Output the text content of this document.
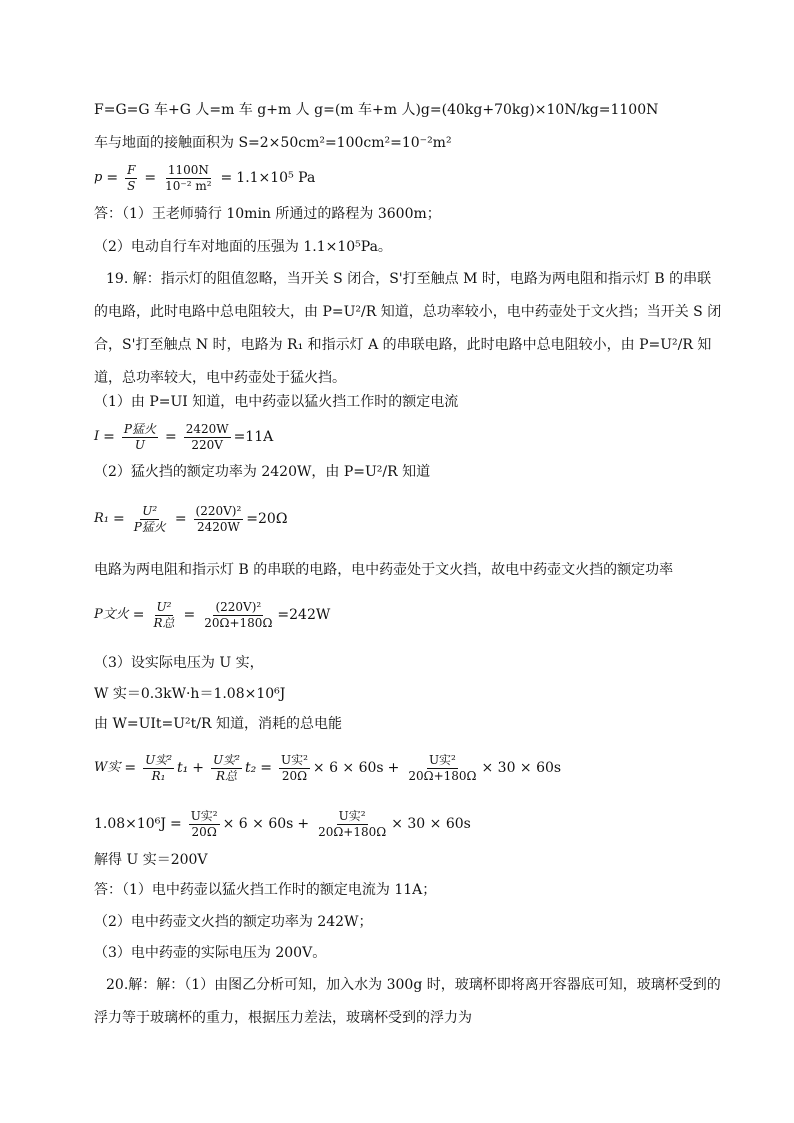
F=G=G 车+G 人=m 车 g+m 人 g=(m 车+m 人)g=(40kg+70kg)×10N/kg=1100N
车与地面的接触面积为 S=2×50cm²=100cm²=10⁻²m²
$p = \frac{F}{S} = \frac{1100N}{\text{10⁻² m²}} = 1.1\times 10^5$ Pa
答：（1）王老师骑行 10min 所通过的路程为 3600m；
（2）电动自行车对地面的压强为 1.1×10⁵Pa。
19. 解：指示灯的阻值忽略，当开关 S 闭合，S'打至触点 M 时，电路为两电阻和指示灯 B 的串联的电路，此时电路中总电阻较大，由 P=U²/R 知道，总功率较小，电中药壶处于文火挡；当开关 S 闭合，S'打至触点 N 时，电路为 R₁ 和指示灯 A 的串联电路，此时电路中总电阻较小，由 P=U²/R 知道，总功率较大，电中药壶处于猛火挡。
（1）由 P=UI 知道，电中药壶以猛火挡工作时的额定电流
$I = \frac{\text{P猛火}}{U} = \frac{2420W}{220V} =11A$
（2）猛火挡的额定功率为 2420W，由 P=U²/R 知道
$R_1 = \frac{\text{U²}}{\text{P猛火}} = \frac{\text{(220V)²}}{2420W} =20\Omega$
电路为两电阻和指示灯 B 的串联的电路，电中药壶处于文火挡，故电中药壶文火挡的额定功率
P文火 = $\frac{\text{U²}}{\text{R总}} = \frac{\text{(220V)²}}{20\Omega+180\Omega} =242W$
（3）设实际电压为 U 实，
W 实＝0.3kW·h＝1.08×10⁶J
由 W=UIt=U²t/R 知道，消耗的总电能
W实 = $\frac{\text{U实²}}{\text{R₁}} t_1 + \frac{\text{U实²}}{\text{R总}} t_2 = \frac{\text{U实²}}{20\Omega} \times 6 \times 60s + \frac{\text{U实²}}{20\Omega+180\Omega} \times 30 \times 60s$
$1.08\times 10^6J = \frac{\text{U实²}}{20\Omega} \times 6 \times 60s + \frac{\text{U实²}}{20\Omega+180\Omega} \times 30 \times 60s$
解得 U 实＝200V
答：（1）电中药壶以猛火挡工作时的额定电流为 11A；
（2）电中药壶文火挡的额定功率为 242W；
（3）电中药壶的实际电压为 200V。
20.解：解：（1）由图乙分析可知，加入水为 300g 时，玻璃杯即将离开容器底可知，玻璃杯受到的浮力等于玻璃杯的重力，根据压力差法，玻璃杯受到的浮力为
